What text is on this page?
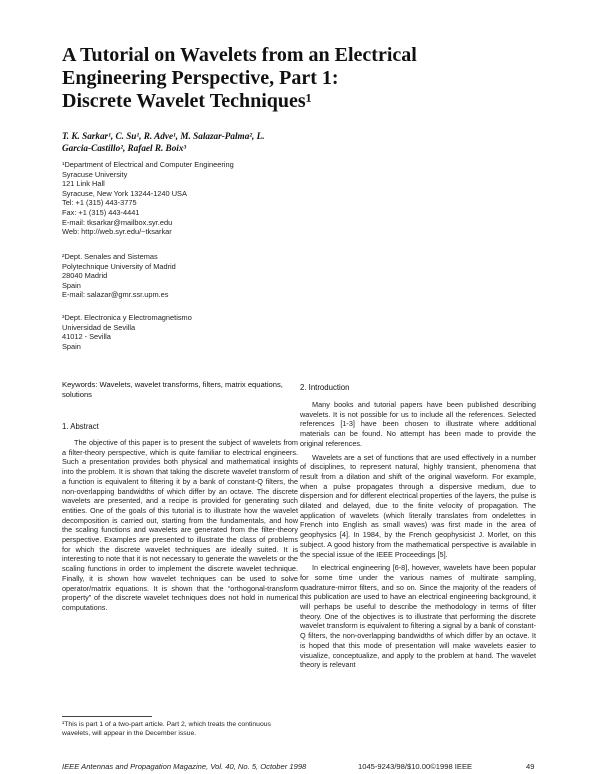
A Tutorial on Wavelets from an Electrical
Engineering Perspective, Part 1:
Discrete Wavelet Techniques¹
T. K. Sarkar¹, C. Su¹, R. Adve¹, M. Salazar-Palma², L.
Garcia-Castillo², Rafael R. Boix³
¹Department of Electrical and Computer Engineering
Syracuse University
121 Link Hall
Syracuse, New York 13244-1240 USA
Tel: +1 (315) 443-3775
Fax: +1 (315) 443-4441
E-mail: tksarkar@mailbox.syr.edu
Web: http://web.syr.edu/~tksarkar
²Dept. Senales and Sistemas
Polytechnique University of Madrid
28040 Madrid
Spain
E-mail: salazar@gmr.ssr.upm.es
³Dept. Electronica y Electromagnetismo
Universidad de Sevilla
41012 - Sevilla
Spain
Keywords: Wavelets, wavelet transforms, filters, matrix equations, solutions
1. Abstract

The objective of this paper is to present the subject of wavelets from a filter-theory perspective, which is quite familiar to electrical engineers. Such a presentation provides both physical and mathematical insights into the problem. It is shown that taking the discrete wavelet transform of a function is equivalent to filtering it by a bank of constant-Q filters, the non-overlapping bandwidths of which differ by an octave. The discrete wavelets are presented, and a recipe is provided for generating such entities. One of the goals of this tutorial is to illustrate how the wavelet decomposition is carried out, starting from the fundamentals, and how the scaling functions and wavelets are generated from the filter-theory perspective. Examples are presented to illustrate the class of problems for which the discrete wavelet techniques are ideally suited. It is interesting to note that it is not necessary to generate the wavelets or the scaling functions in order to implement the discrete wavelet technique. Finally, it is shown how wavelet techniques can be used to solve operator/matrix equations. It is shown that the “orthogonal-transform property” of the discrete wavelet techniques does not hold in numerical computations.

¹This is part 1 of a two-part article. Part 2, which treats the continuous wavelets, will appear in the December issue.
2. Introduction

Many books and tutorial papers have been published describing wavelets. It is not possible for us to include all the references. Selected references [1-3] have been chosen to illustrate where additional materials can be found. No attempt has been made to provide the original references.

Wavelets are a set of functions that are used effectively in a number of disciplines, to represent natural, highly transient, phenomena that result from a dilation and shift of the original waveform. For example, when a pulse propagates through a dispersive medium, due to dispersion and for different electrical properties of the layers, the pulse is dilated and delayed, due to the finite velocity of propagation. The application of wavelets (which literally translates from ondelettes in French into English as small waves) was first made in the area of geophysics [4]. In 1984, by the French geophysicist J. Morlet, on this subject. A good history from the mathematical perspective is available in the special issue of the IEEE Proceedings [5].

In electrical engineering [6-8], however, wavelets have been popular for some time under the various names of multirate sampling, quadrature-mirror filters, and so on. Since the majority of the readers of this publication are used to have an electrical engineering background, it will perhaps be useful to describe the methodology in terms of filter theory. One of the objectives is to illustrate that performing the discrete wavelet transform is equivalent to filtering a signal by a bank of constant-Q filters, the non-overlapping bandwidths of which differ by an octave. It is hoped that this mode of presentation will make wavelets easier to visualize, conceptualize, and apply to the problem at hand. The wavelet theory is relevant

IEEE Antennas and Propagation Magazine, Vol. 40, No. 5, October 1998	1045-9243/98/$10.00©1998 IEEE	49
